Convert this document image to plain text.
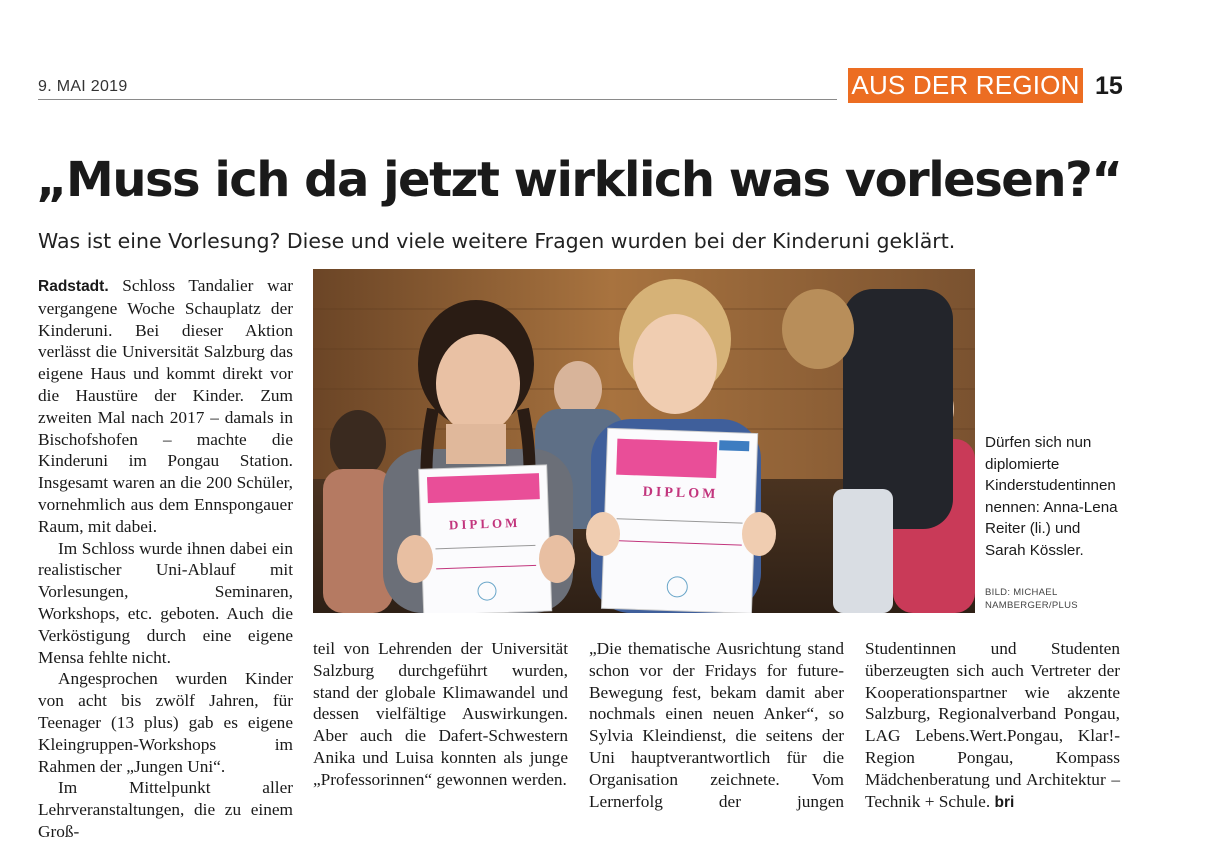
9. MAI 2019	AUS DER REGION 15
„Muss ich da jetzt wirklich was vorlesen?“
Was ist eine Vorlesung? Diese und viele weitere Fragen wurden bei der Kinderuni geklärt.

Radstadt. Schloss Tandalier war vergangene Woche Schauplatz der Kinderuni. Bei dieser Aktion verlässt die Universität Salzburg das eigene Haus und kommt direkt vor die Haustüre der Kinder. Zum zweiten Mal nach 2017 – damals in Bischofshofen – machte die Kinderuni im Pongau Station. Insgesamt waren an die 200 Schüler, vornehmlich aus dem Ennspongauer Raum, mit dabei.

Im Schloss wurde ihnen dabei ein realistischer Uni-Ablauf mit Vorlesungen, Seminaren, Workshops, etc. geboten. Auch die Verköstigung durch eine eigene Mensa fehlte nicht.

Angesprochen wurden Kinder von acht bis zwölf Jahren, für Teenager (13 plus) gab es eigene Kleingruppen-Workshops im Rahmen der „Jungen Uni“.

Im Mittelpunkt aller Lehrveranstaltungen, die zu einem Groß-

teil von Lehrenden der Universität Salzburg durchgeführt wurden, stand der globale Klimawandel und dessen vielfältige Auswirkungen. Aber auch die Dafert-Schwestern Anika und Luisa konnten als junge „Professorinnen“ gewonnen werden.

„Die thematische Ausrichtung stand schon vor der Fridays for future-Bewegung fest, bekam damit aber nochmals einen neuen Anker“, so Sylvia Kleindienst, die seitens der Uni hauptverantwortlich für die Organisation zeichnete. Vom Lernerfolg der jungen

Studentinnen und Studenten überzeugten sich auch Vertreter der Kooperationspartner wie akzente Salzburg, Regionalverband Pongau, LAG Lebens.Wert.Pongau, Klar!-Region Pongau, Kompass Mädchenberatung und Architektur – Technik + Schule. bri

DIPLOM
DIPLOM
Dürfen sich nun diplomierte Kinderstudentinnen nennen: Anna-Lena Reiter (li.) und Sarah Kössler.
BILD: MICHAEL NAMBERGER/PLUS
